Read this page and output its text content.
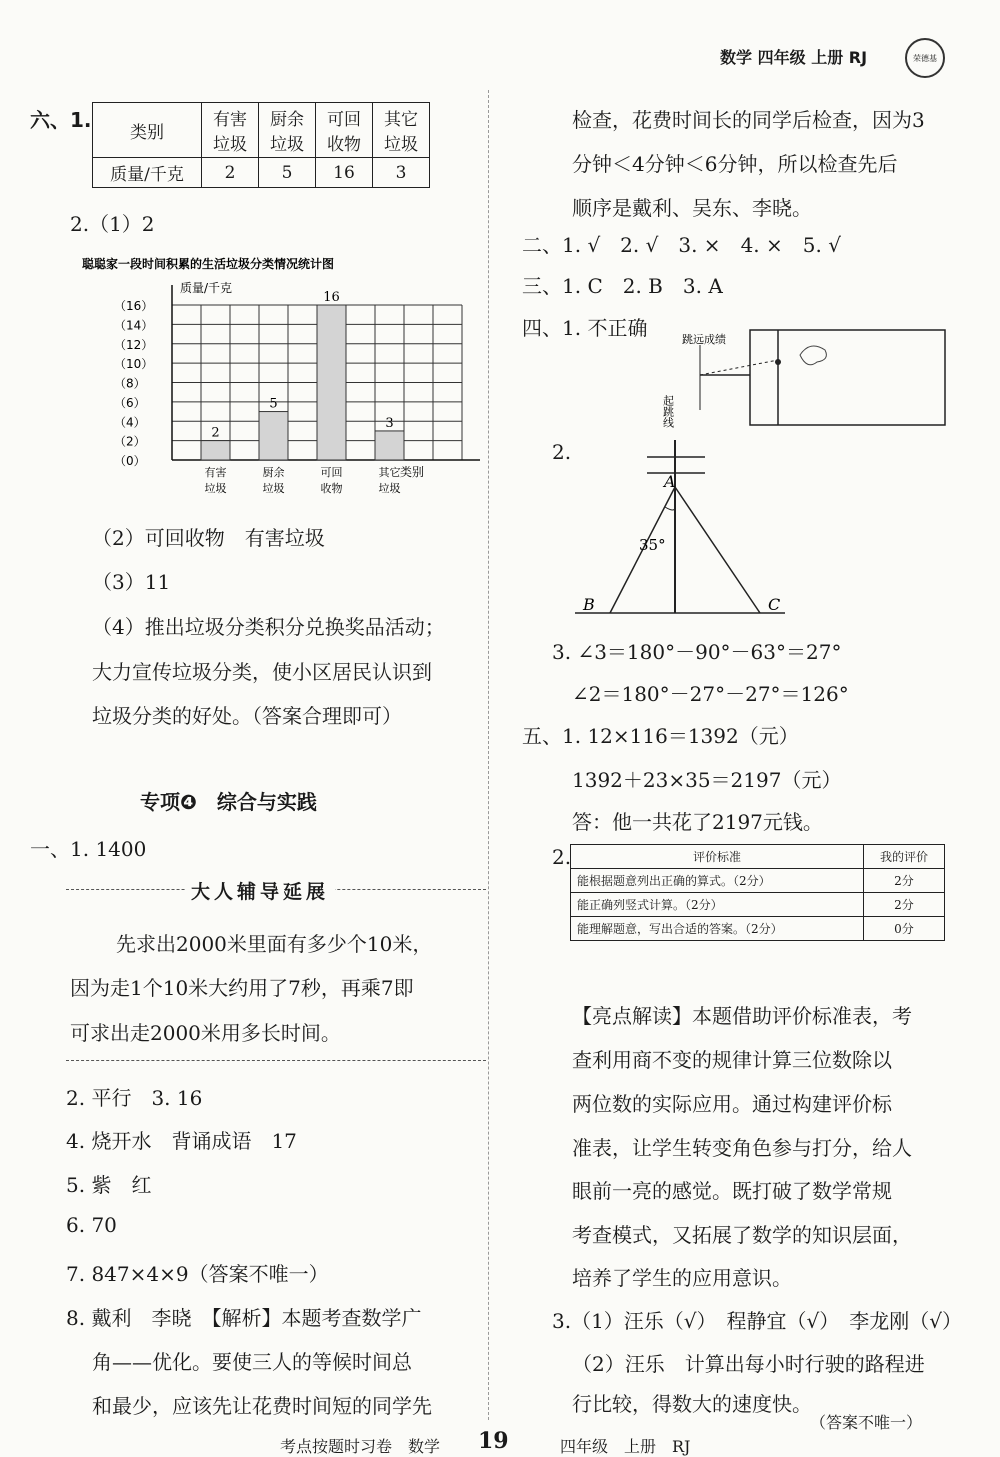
数学 四年级 上册 RJ	荣德基
六、1.
类别	有害垃圾	厨余垃圾	可回收物	其它垃圾
质量/千克	2	5	16	3
2.（1）2
聪聪家一段时间积累的生活垃圾分类情况统计图
质量/千克
类别
（16）
（14）
（12）
（10）
（8）
（6）
（4）
（2）
（0）
2
有害
垃圾
5
厨余
垃圾
16
可回
收物
3
其它
垃圾
（2）可回收物　有害垃圾
（3）11
（4）推出垃圾分类积分兑换奖品活动；
大力宣传垃圾分类，使小区居民认识到
垃圾分类的好处。（答案合理即可）
专项❹　综合与实践
一、1. 1400
大人辅导延展
先求出2000米里面有多少个10米，
因为走1个10米大约用了7秒，再乘7即
可求出走2000米用多长时间。
2. 平行　3. 16
4. 烧开水　背诵成语　17
5. 紫　红
6. 70
7. 847×4×9（答案不唯一）
8. 戴利　李晓　【解析】本题考查数学广
角——优化。要使三人的等候时间总
和最少，应该先让花费时间短的同学先
检查，花费时间长的同学后检查，因为3
分钟＜4分钟＜6分钟，所以检查先后
顺序是戴利、吴东、李晓。
二、1. √　2. √　3. ×　4. ×　5. √
三、1. C　2. B　3. A
四、1. 不正确	跳远成绩
起跳线
2.
A
B	C
35°
3. ∠3＝180°－90°－63°＝27°
∠2＝180°－27°－27°＝126°
五、1. 12×116＝1392（元）
1392＋23×35＝2197（元）
答：他一共花了2197元钱。
2.	评价标准	我的评价
能根据题意列出正确的算式。（2分）	2分
能正确列竖式计算。（2分）	2分
能理解题意，写出合适的答案。（2分）	0分
【亮点解读】本题借助评价标准表，考
查利用商不变的规律计算三位数除以
两位数的实际应用。通过构建评价标
准表，让学生转变角色参与打分，给人
眼前一亮的感觉。既打破了数学常规
考查模式，又拓展了数学的知识层面，
培养了学生的应用意识。
3.（1）汪乐（√）　程静宜（√）　李龙刚（√）
（2）汪乐　计算出每小时行驶的路程进
行比较，得数大的速度快。
（答案不唯一）
考点按题时习卷　数学 19	四年级　上册　RJ
